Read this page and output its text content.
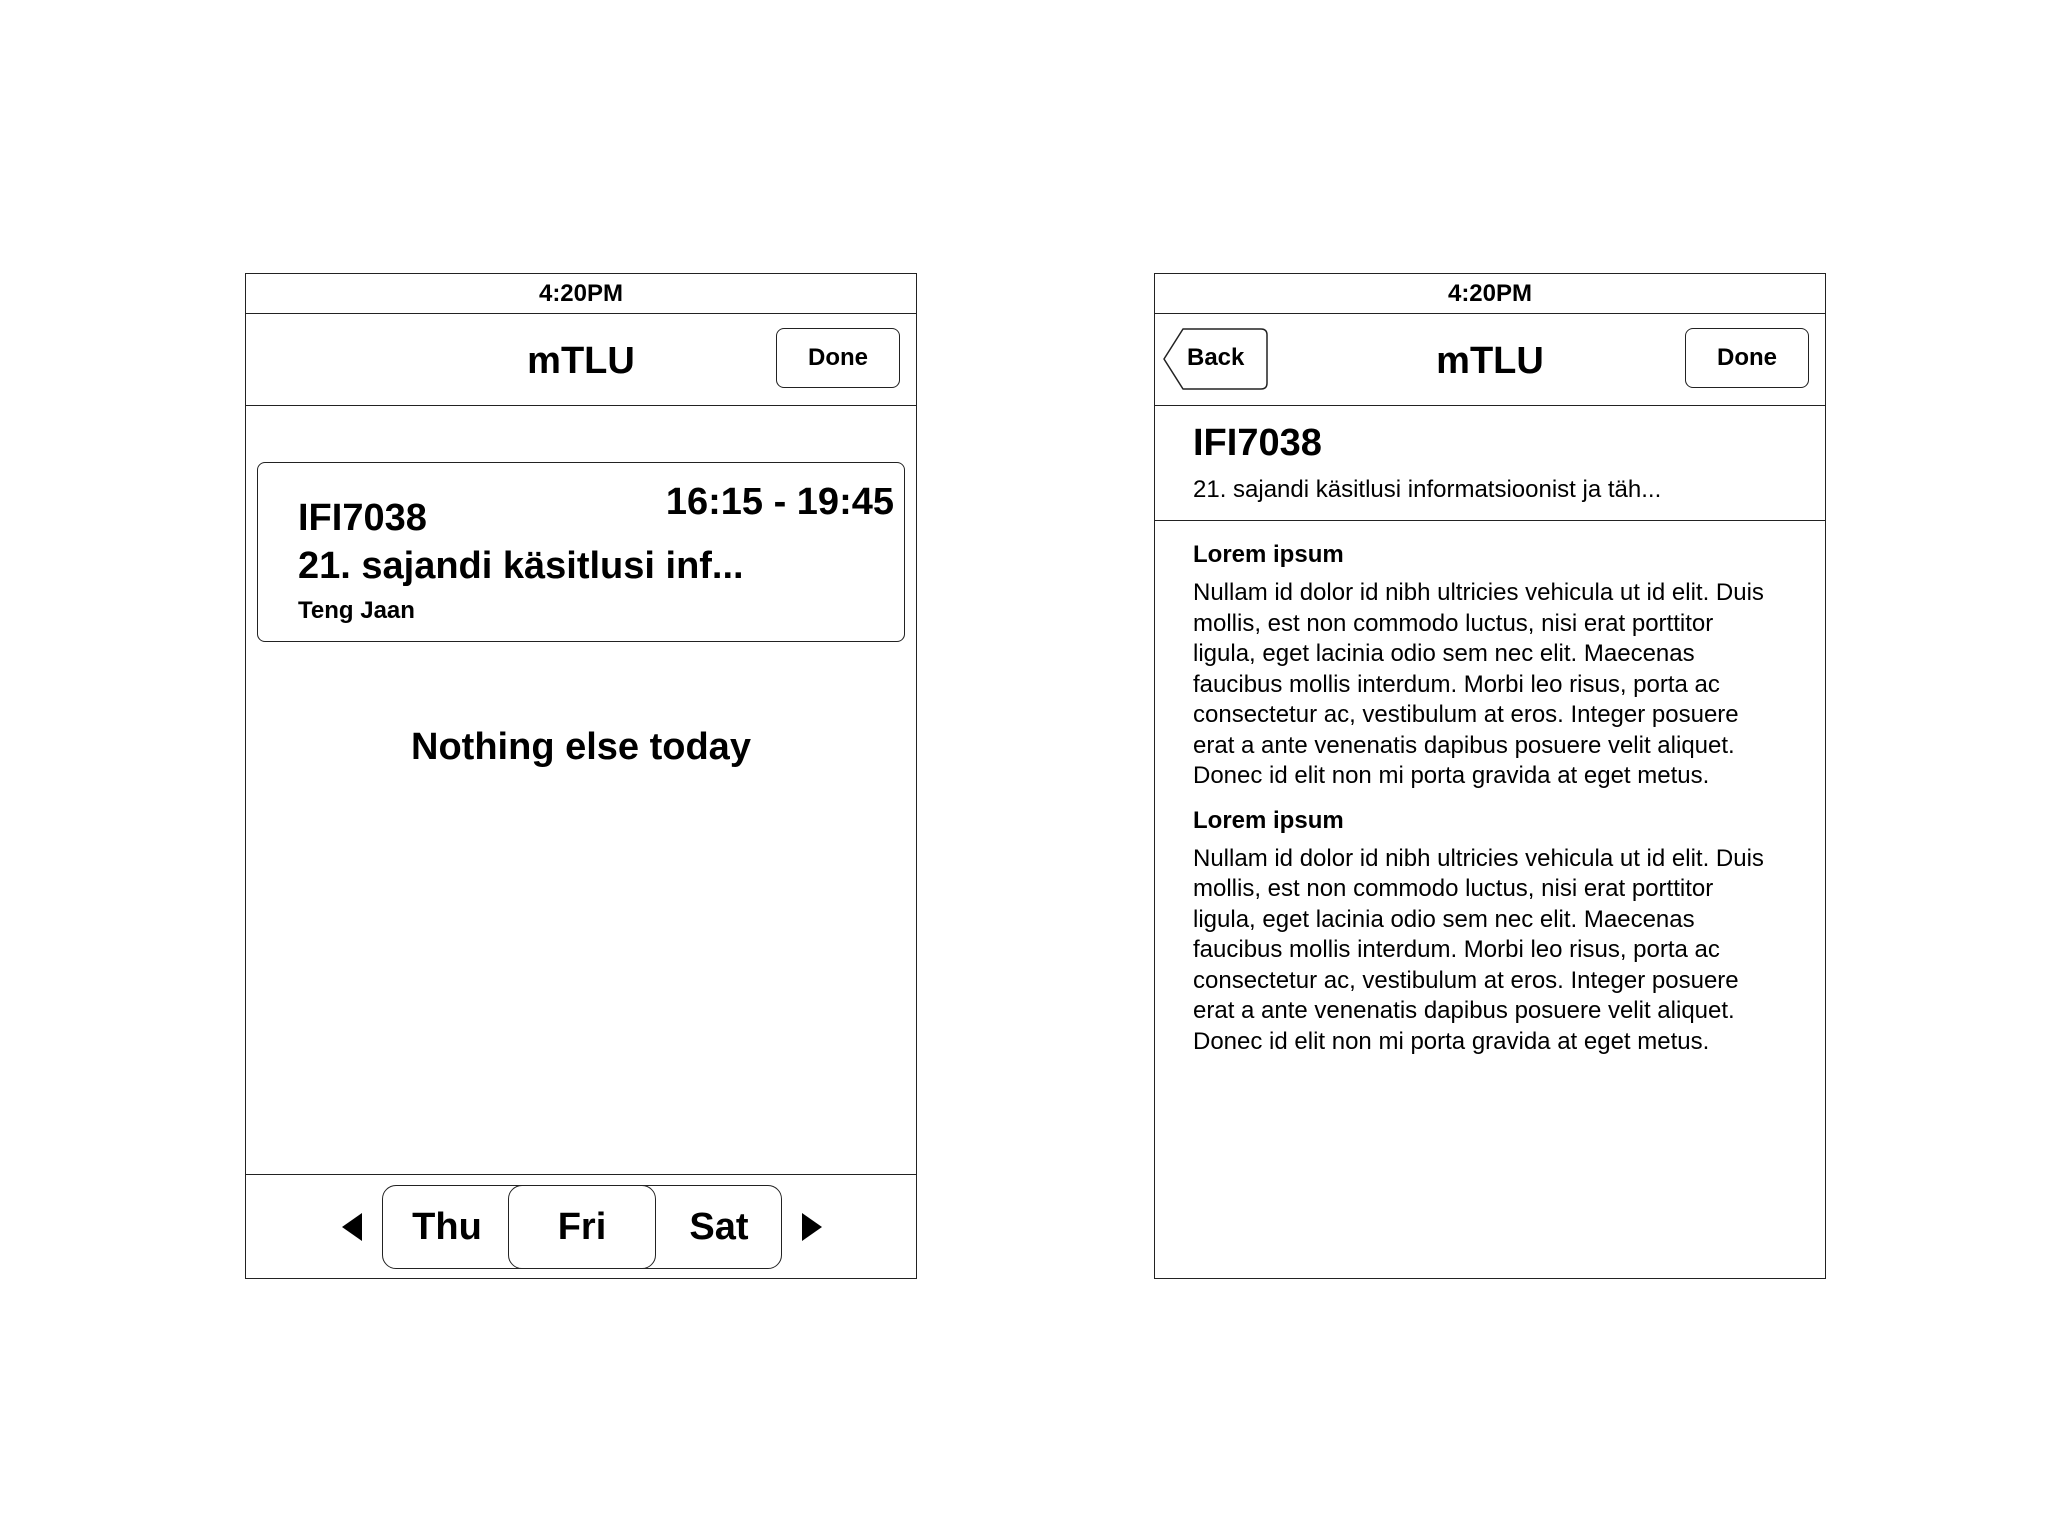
4:20PM
mTLU	Done
IFI7038	16:15 - 19:45
21. sajandi käsitlusi inf...
Teng Jaan
Nothing else today
Thu	Fri	Sat
4:20PM
Back	mTLU	Done
IFI7038
21. sajandi käsitlusi informatsioonist ja täh...
Lorem ipsum
Nullam id dolor id nibh ultricies vehicula ut id elit. Duis
mollis, est non commodo luctus, nisi erat porttitor
ligula, eget lacinia odio sem nec elit. Maecenas
faucibus mollis interdum. Morbi leo risus, porta ac
consectetur ac, vestibulum at eros. Integer posuere
erat a ante venenatis dapibus posuere velit aliquet.
Donec id elit non mi porta gravida at eget metus.
Lorem ipsum
Nullam id dolor id nibh ultricies vehicula ut id elit. Duis
mollis, est non commodo luctus, nisi erat porttitor
ligula, eget lacinia odio sem nec elit. Maecenas
faucibus mollis interdum. Morbi leo risus, porta ac
consectetur ac, vestibulum at eros. Integer posuere
erat a ante venenatis dapibus posuere velit aliquet.
Donec id elit non mi porta gravida at eget metus.
